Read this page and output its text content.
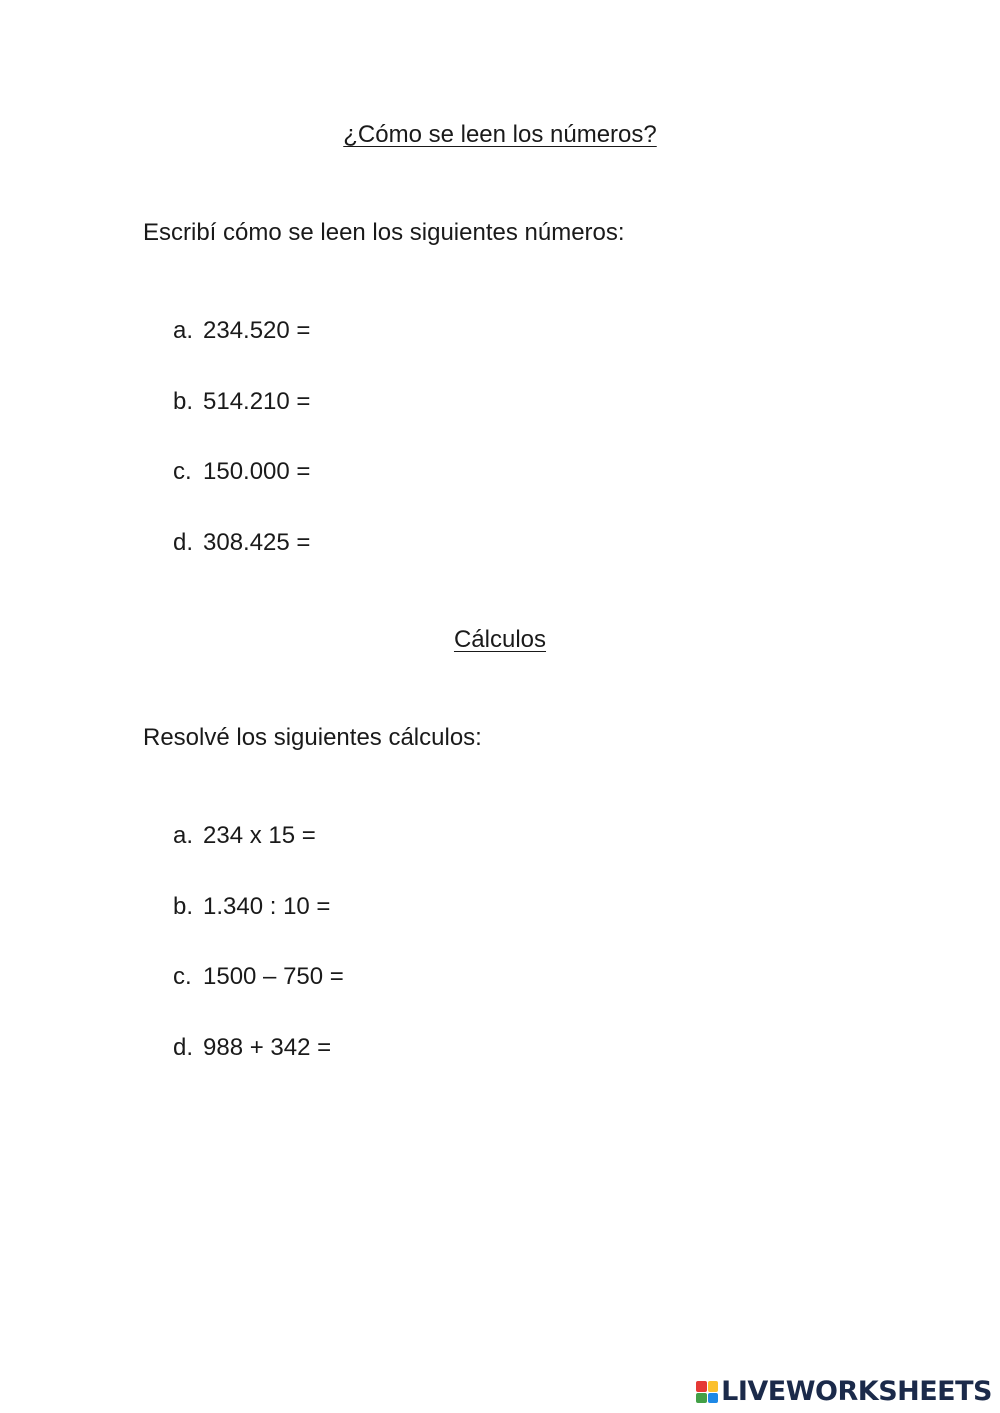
¿Cómo se leen los números?
Escribí cómo se leen los siguientes números:
a. 234.520 =
b. 514.210 =
c. 150.000 =
d. 308.425 =
Cálculos
Resolvé los siguientes cálculos:
a. 234 x 15 =
b. 1.340 : 10 =
c. 1500 – 750 =
d. 988 + 342 =
LIVEWORKSHEETS
